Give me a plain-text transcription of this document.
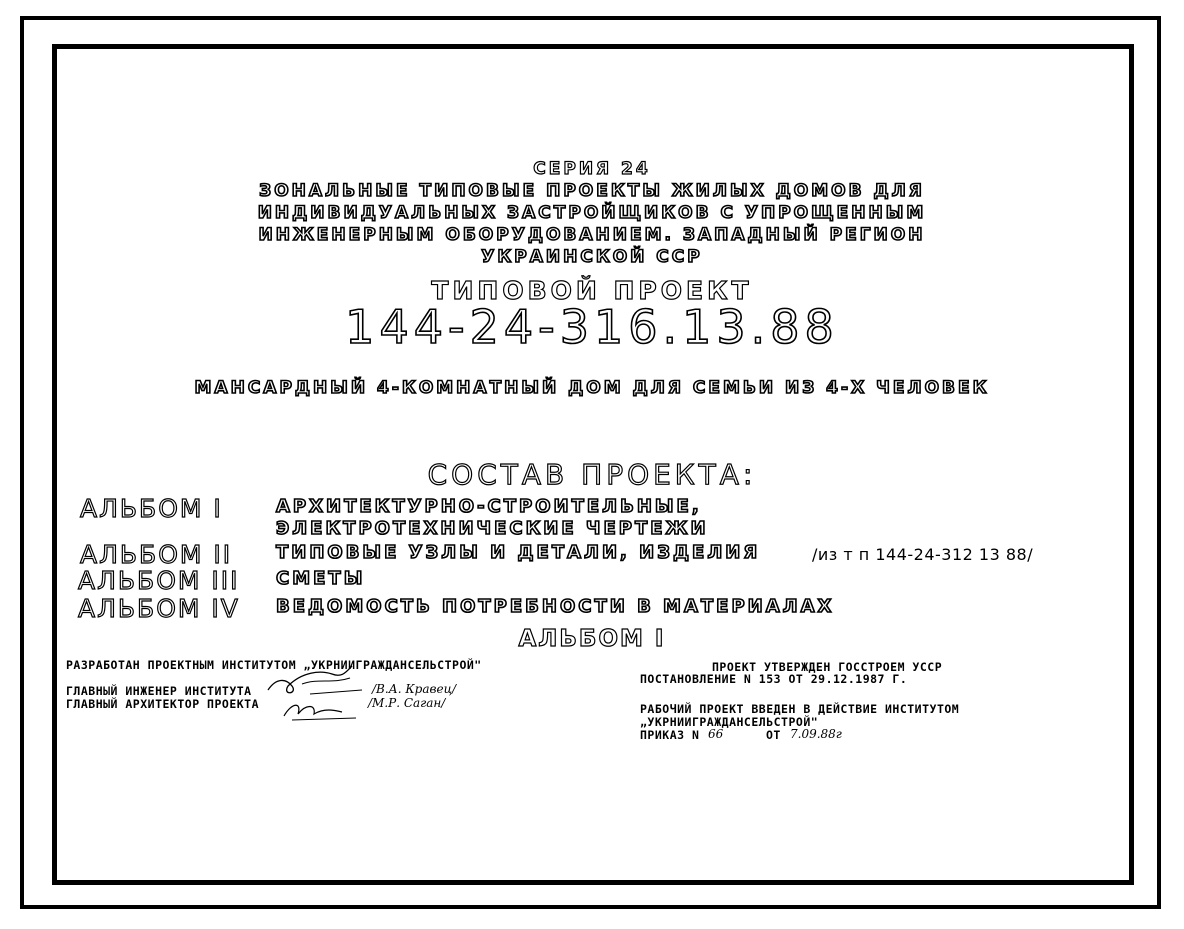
СЕРИЯ 24
ЗОНАЛЬНЫЕ ТИПОВЫЕ ПРОЕКТЫ ЖИЛЫХ ДОМОВ ДЛЯ
ИНДИВИДУАЛЬНЫХ ЗАСТРОЙЩИКОВ С УПРОЩЕННЫМ
ИНЖЕНЕРНЫМ ОБОРУДОВАНИЕМ. ЗАПАДНЫЙ РЕГИОН
УКРАИНСКОЙ ССР
ТИПОВОЙ ПРОЕКТ
144-24-316.13.88
МАНСАРДНЫЙ 4-КОМНАТНЫЙ ДОМ ДЛЯ СЕМЬИ ИЗ 4-Х ЧЕЛОВЕК
СОСТАВ ПРОЕКТА:
АЛЬБОМ I	АРХИТЕКТУРНО-СТРОИТЕЛЬНЫЕ,
ЭЛЕКТРОТЕХНИЧЕСКИЕ ЧЕРТЕЖИ
АЛЬБОМ II ТИПОВЫЕ УЗЛЫ И ДЕТАЛИ, ИЗДЕЛИЯ	/из т п 144-24-312 13 88/
АЛЬБОМ III СМЕТЫ
АЛЬБОМ IV ВЕДОМОСТЬ ПОТРЕБНОСТИ В МАТЕРИАЛАХ
АЛЬБОМ I
РАЗРАБОТАН ПРОЕКТНЫМ ИНСТИТУТОМ „УКРНИИГРАЖДАНСЕЛЬСТРОЙ"
ГЛАВНЫЙ ИНЖЕНЕР ИНСТИТУТА
ГЛАВНЫЙ АРХИТЕКТОР ПРОЕКТА
/В.А. Кравец/
/М.Р. Саган/
ПРОЕКТ УТВЕРЖДЕН ГОССТРОЕМ УССР
ПОСТАНОВЛЕНИЕ N 153 ОТ 29.12.1987 Г.
РАБОЧИЙ ПРОЕКТ ВВЕДЕН В ДЕЙСТВИЕ ИНСТИТУТОМ
„УКРНИИГРАЖДАНСЕЛЬСТРОЙ"
ПРИКАЗ N 66	ОТ 7.09.88г
